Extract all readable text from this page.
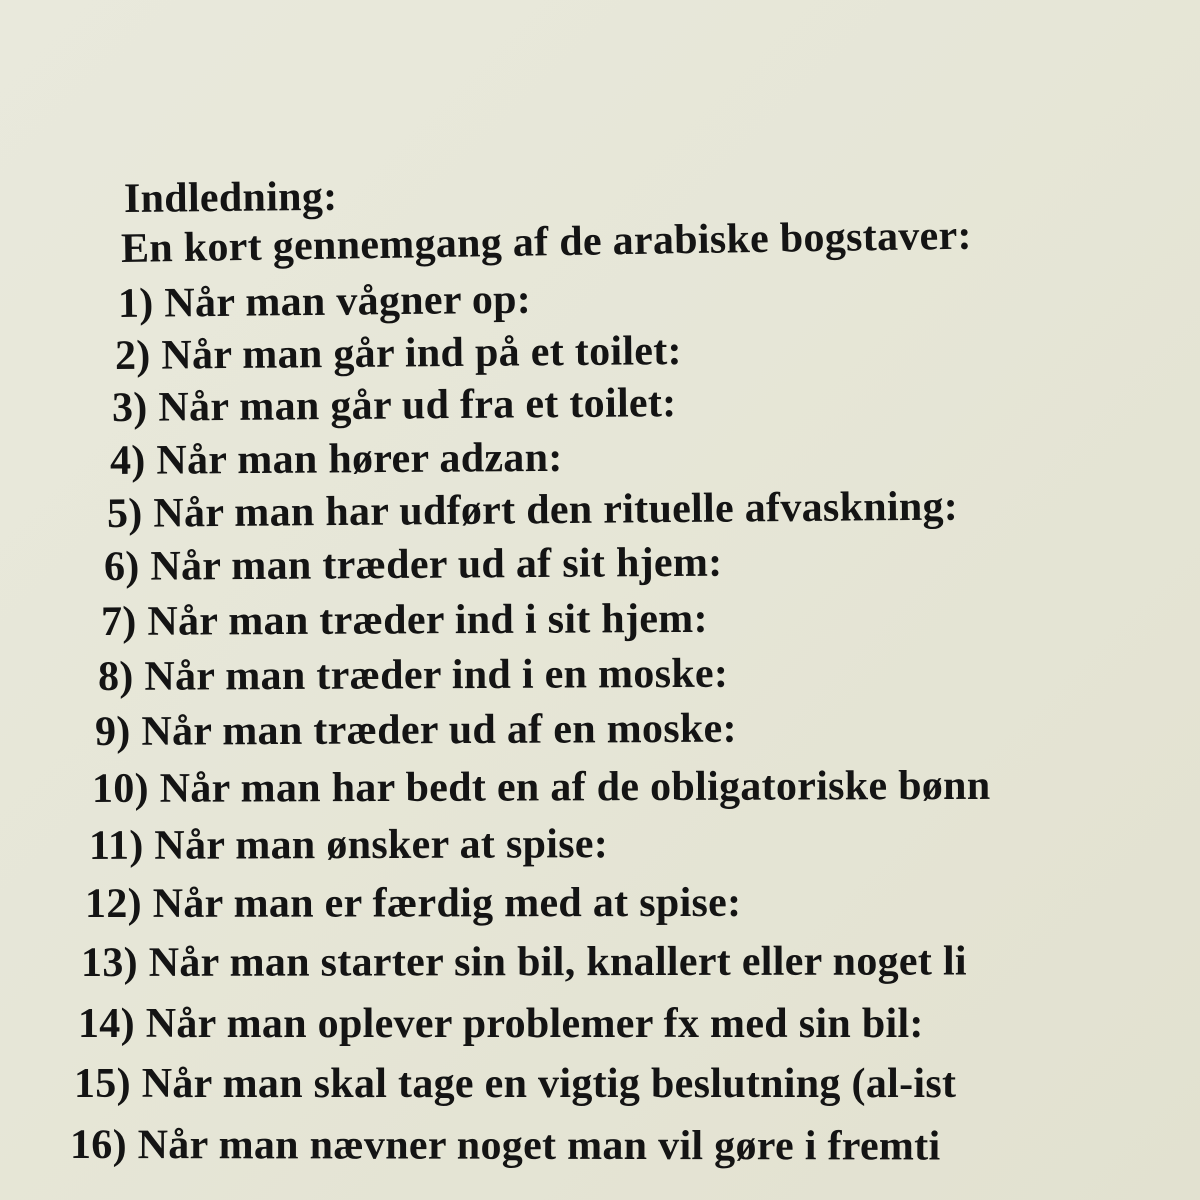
Indledning:
En kort gennemgang af de arabiske bogstaver:
1) Når man vågner op:
2) Når man går ind på et toilet:
3) Når man går ud fra et toilet:
4) Når man hører adzan:
5) Når man har udført den rituelle afvaskning:
6) Når man træder ud af sit hjem:
7) Når man træder ind i sit hjem:
8) Når man træder ind i en moske:
9) Når man træder ud af en moske:
10) Når man har bedt en af de obligatoriske bønn
11) Når man ønsker at spise:
12) Når man er færdig med at spise:
13) Når man starter sin bil, knallert eller noget li
14) Når man oplever problemer fx med sin bil:
15) Når man skal tage en vigtig beslutning (al-ist
16) Når man nævner noget man vil gøre i fremti
